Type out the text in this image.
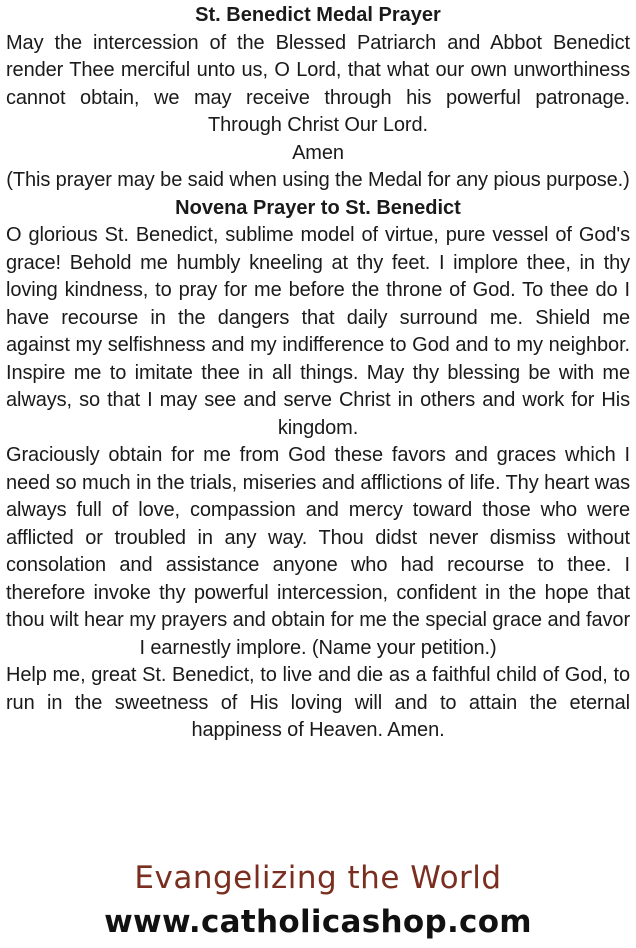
St. Benedict Medal Prayer

May the intercession of the Blessed Patriarch and Abbot Benedict render Thee merciful unto us, O Lord, that what our own unworthiness cannot obtain, we may receive through his powerful patronage. Through Christ Our Lord.

Amen

(This prayer may be said when using the Medal for any pious purpose.)

Novena Prayer to St. Benedict

O glorious St. Benedict, sublime model of virtue, pure vessel of God's grace! Behold me humbly kneeling at thy feet. I implore thee, in thy loving kindness, to pray for me before the throne of God. To thee do I have recourse in the dangers that daily surround me. Shield me against my selfishness and my indifference to God and to my neighbor. Inspire me to imitate thee in all things. May thy blessing be with me always, so that I may see and serve Christ in others and work for His kingdom.

Graciously obtain for me from God these favors and graces which I need so much in the trials, miseries and afflictions of life. Thy heart was always full of love, compassion and mercy toward those who were afflicted or troubled in any way. Thou didst never dismiss without consolation and assistance anyone who had recourse to thee. I therefore invoke thy powerful intercession, confident in the hope that thou wilt hear my prayers and obtain for me the special grace and favor I earnestly implore. (Name your petition.)

Help me, great St. Benedict, to live and die as a faithful child of God, to run in the sweetness of His loving will and to attain the eternal happiness of Heaven. Amen.

Evangelizing the World
www.catholicashop.com
